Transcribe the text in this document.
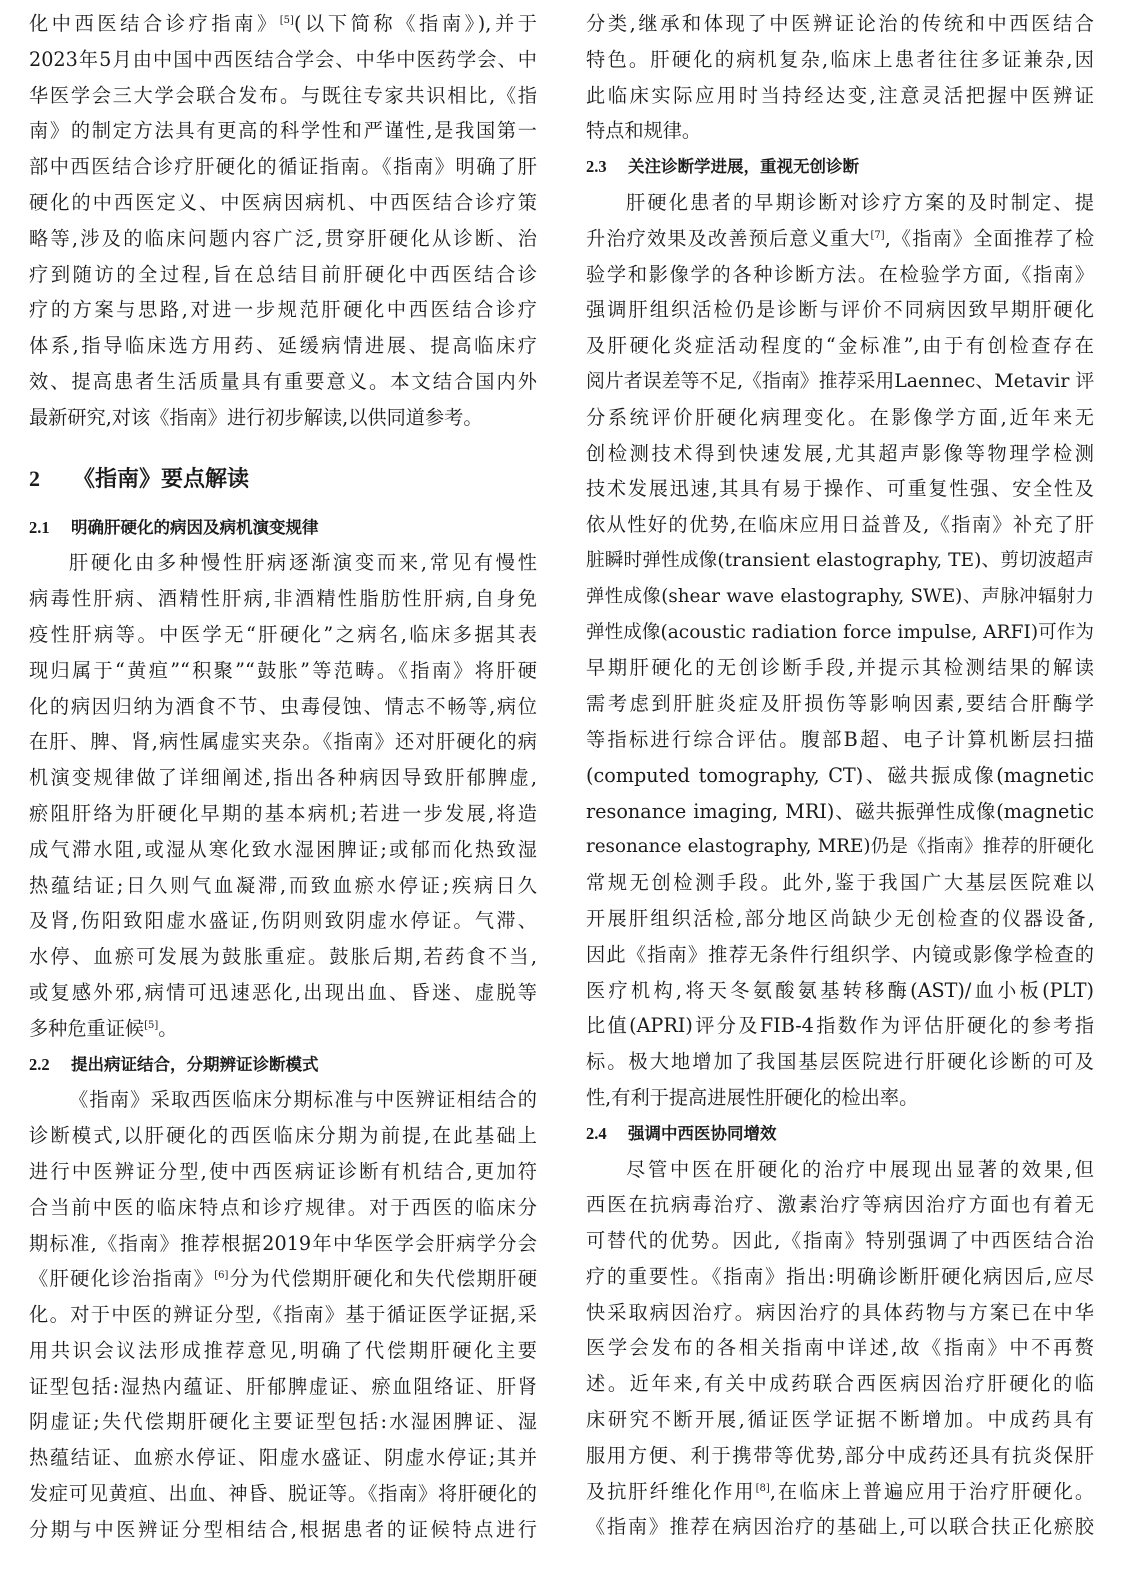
化中西医结合诊疗指南》[5](以下简称《指南》),并于
2023年5月由中国中西医结合学会、中华中医药学会、中
华医学会三大学会联合发布。与既往专家共识相比,《指
南》的制定方法具有更高的科学性和严谨性,是我国第一
部中西医结合诊疗肝硬化的循证指南。《指南》明确了肝
硬化的中西医定义、中医病因病机、中西医结合诊疗策
略等,涉及的临床问题内容广泛,贯穿肝硬化从诊断、治
疗到随访的全过程,旨在总结目前肝硬化中西医结合诊
疗的方案与思路,对进一步规范肝硬化中西医结合诊疗
体系,指导临床选方用药、延缓病情进展、提高临床疗
效、提高患者生活质量具有重要意义。本文结合国内外
最新研究,对该《指南》进行初步解读,以供同道参考。
2 《指南》要点解读
2.1 明确肝硬化的病因及病机演变规律
肝硬化由多种慢性肝病逐渐演变而来,常见有慢性
病毒性肝病、酒精性肝病,非酒精性脂肪性肝病,自身免
疫性肝病等。中医学无“肝硬化”之病名,临床多据其表
现归属于“黄疸”“积聚”“鼓胀”等范畴。《指南》将肝硬
化的病因归纳为酒食不节、虫毒侵蚀、情志不畅等,病位
在肝、脾、肾,病性属虚实夹杂。《指南》还对肝硬化的病
机演变规律做了详细阐述,指出各种病因导致肝郁脾虚,
瘀阻肝络为肝硬化早期的基本病机;若进一步发展,将造
成气滞水阻,或湿从寒化致水湿困脾证;或郁而化热致湿
热蕴结证;日久则气血凝滞,而致血瘀水停证;疾病日久
及肾,伤阳致阳虚水盛证,伤阴则致阴虚水停证。气滞、
水停、血瘀可发展为鼓胀重症。鼓胀后期,若药食不当,
或复感外邪,病情可迅速恶化,出现出血、昏迷、虚脱等
多种危重证候[5]。
2.2 提出病证结合，分期辨证诊断模式
《指南》采取西医临床分期标准与中医辨证相结合的
诊断模式,以肝硬化的西医临床分期为前提,在此基础上
进行中医辨证分型,使中西医病证诊断有机结合,更加符
合当前中医的临床特点和诊疗规律。对于西医的临床分
期标准,《指南》推荐根据2019年中华医学会肝病学分会
《肝硬化诊治指南》[6]分为代偿期肝硬化和失代偿期肝硬
化。对于中医的辨证分型,《指南》基于循证医学证据,采
用共识会议法形成推荐意见,明确了代偿期肝硬化主要
证型包括:湿热内蕴证、肝郁脾虚证、瘀血阻络证、肝肾
阴虚证;失代偿期肝硬化主要证型包括:水湿困脾证、湿
热蕴结证、血瘀水停证、阳虚水盛证、阴虚水停证;其并
发症可见黄疸、出血、神昏、脱证等。《指南》将肝硬化的
分期与中医辨证分型相结合,根据患者的证候特点进行
分类,继承和体现了中医辨证论治的传统和中西医结合
特色。肝硬化的病机复杂,临床上患者往往多证兼杂,因
此临床实际应用时当持经达变,注意灵活把握中医辨证
特点和规律。
2.3 关注诊断学进展，重视无创诊断
肝硬化患者的早期诊断对诊疗方案的及时制定、提
升治疗效果及改善预后意义重大[7],《指南》全面推荐了检
验学和影像学的各种诊断方法。在检验学方面,《指南》
强调肝组织活检仍是诊断与评价不同病因致早期肝硬化
及肝硬化炎症活动程度的“金标准”,由于有创检查存在
阅片者误差等不足,《指南》推荐采用Laennec、Metavir 评
分系统评价肝硬化病理变化。在影像学方面,近年来无
创检测技术得到快速发展,尤其超声影像等物理学检测
技术发展迅速,其具有易于操作、可重复性强、安全性及
依从性好的优势,在临床应用日益普及,《指南》补充了肝
脏瞬时弹性成像(transient elastography, TE)、剪切波超声
弹性成像(shear wave elastography, SWE)、声脉冲辐射力
弹性成像(acoustic radiation force impulse, ARFI)可作为
早期肝硬化的无创诊断手段,并提示其检测结果的解读
需考虑到肝脏炎症及肝损伤等影响因素,要结合肝酶学
等指标进行综合评估。腹部B超、电子计算机断层扫描
(computed tomography, CT)、磁共振成像(magnetic
resonance imaging, MRI)、磁共振弹性成像(magnetic
resonance elastography, MRE)仍是《指南》推荐的肝硬化
常规无创检测手段。此外,鉴于我国广大基层医院难以
开展肝组织活检,部分地区尚缺少无创检查的仪器设备,
因此《指南》推荐无条件行组织学、内镜或影像学检查的
医疗机构,将天冬氨酸氨基转移酶(AST)/血小板(PLT)
比值(APRI)评分及FIB-4指数作为评估肝硬化的参考指
标。极大地增加了我国基层医院进行肝硬化诊断的可及
性,有利于提高进展性肝硬化的检出率。
2.4 强调中西医协同增效
尽管中医在肝硬化的治疗中展现出显著的效果,但
西医在抗病毒治疗、激素治疗等病因治疗方面也有着无
可替代的优势。因此,《指南》特别强调了中西医结合治
疗的重要性。《指南》指出:明确诊断肝硬化病因后,应尽
快采取病因治疗。病因治疗的具体药物与方案已在中华
医学会发布的各相关指南中详述,故《指南》中不再赘
述。近年来,有关中成药联合西医病因治疗肝硬化的临
床研究不断开展,循证医学证据不断增加。中成药具有
服用方便、利于携带等优势,部分中成药还具有抗炎保肝
及抗肝纤维化作用[8],在临床上普遍应用于治疗肝硬化。
《指南》推荐在病因治疗的基础上,可以联合扶正化瘀胶
